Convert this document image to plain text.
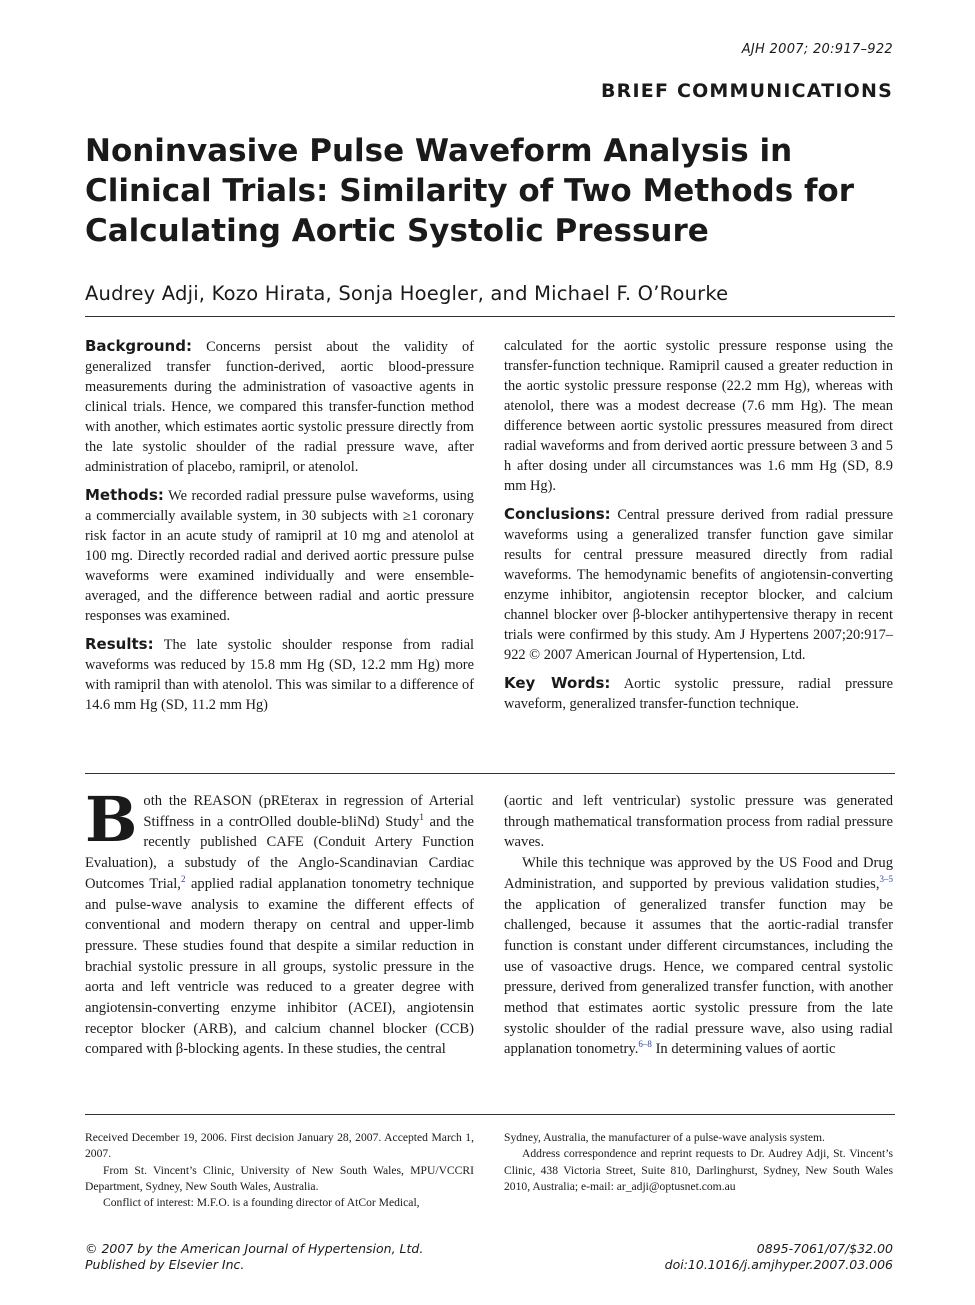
AJH 2007; 20:917–922
BRIEF COMMUNICATIONS
Noninvasive Pulse Waveform Analysis in Clinical Trials: Similarity of Two Methods for Calculating Aortic Systolic Pressure
Audrey Adji, Kozo Hirata, Sonja Hoegler, and Michael F. O’Rourke

Background: Concerns persist about the validity of generalized transfer function-derived, aortic blood-pressure measurements during the administration of vasoactive agents in clinical trials. Hence, we compared this transfer-function method with another, which estimates aortic systolic pressure directly from the late systolic shoulder of the radial pressure wave, after administration of placebo, ramipril, or atenolol.

Methods: We recorded radial pressure pulse waveforms, using a commercially available system, in 30 subjects with ≥1 coronary risk factor in an acute study of ramipril at 10 mg and atenolol at 100 mg. Directly recorded radial and derived aortic pressure pulse waveforms were examined individually and were ensemble-averaged, and the difference between radial and aortic pressure responses was examined.

Results: The late systolic shoulder response from radial waveforms was reduced by 15.8 mm Hg (SD, 12.2 mm Hg) more with ramipril than with atenolol. This was similar to a difference of 14.6 mm Hg (SD, 11.2 mm Hg)

calculated for the aortic systolic pressure response using the transfer-function technique. Ramipril caused a greater reduction in the aortic systolic pressure response (22.2 mm Hg), whereas with atenolol, there was a modest decrease (7.6 mm Hg). The mean difference between aortic systolic pressures measured from direct radial waveforms and from derived aortic pressure between 3 and 5 h after dosing under all circumstances was 1.6 mm Hg (SD, 8.9 mm Hg).

Conclusions: Central pressure derived from radial pressure waveforms using a generalized transfer function gave similar results for central pressure measured directly from radial waveforms. The hemodynamic benefits of angiotensin-converting enzyme inhibitor, angiotensin receptor blocker, and calcium channel blocker over β-blocker antihypertensive therapy in recent trials were confirmed by this study. Am J Hypertens 2007;20:917–922 © 2007 American Journal of Hypertension, Ltd.

Key Words: Aortic systolic pressure, radial pressure waveform, generalized transfer-function technique.

Both the REASON (pREterax in regression of Arterial Stiffness in a contrOlled double-bliNd) Study$^1$ and the recently published CAFE (Conduit Artery Function Evaluation), a substudy of the Anglo-Scandinavian Cardiac Outcomes Trial,$^2$ applied radial applanation tonometry technique and pulse-wave analysis to examine the different effects of conventional and modern therapy on central and upper-limb pressure. These studies found that despite a similar reduction in brachial systolic pressure in all groups, systolic pressure in the aorta and left ventricle was reduced to a greater degree with angiotensin-converting enzyme inhibitor (ACEI), angiotensin receptor blocker (ARB), and calcium channel blocker (CCB) compared with β-blocking agents. In these studies, the central

(aortic and left ventricular) systolic pressure was generated through mathematical transformation process from radial pressure waves.

While this technique was approved by the US Food and Drug Administration, and supported by previous validation studies,$^{3-5}$ the application of generalized transfer function may be challenged, because it assumes that the aortic-radial transfer function is constant under different circumstances, including the use of vasoactive drugs. Hence, we compared central systolic pressure, derived from generalized transfer function, with another method that estimates aortic systolic pressure from the late systolic shoulder of the radial pressure wave, also using radial applanation tonometry.$^{6-8}$ In determining values of aortic

Received December 19, 2006. First decision January 28, 2007. Accepted March 1, 2007.

From St. Vincent’s Clinic, University of New South Wales, MPU/VCCRI Department, Sydney, New South Wales, Australia.

Conflict of interest: M.F.O. is a founding director of AtCor Medical,

Sydney, Australia, the manufacturer of a pulse-wave analysis system.

Address correspondence and reprint requests to Dr. Audrey Adji, St. Vincent’s Clinic, 438 Victoria Street, Suite 810, Darlinghurst, Sydney, New South Wales 2010, Australia; e-mail: ar_adji@optusnet.com.au

© 2007 by the American Journal of Hypertension, Ltd.
Published by Elsevier Inc.
0895-7061/07/$32.00
doi:10.1016/j.amjhyper.2007.03.006
